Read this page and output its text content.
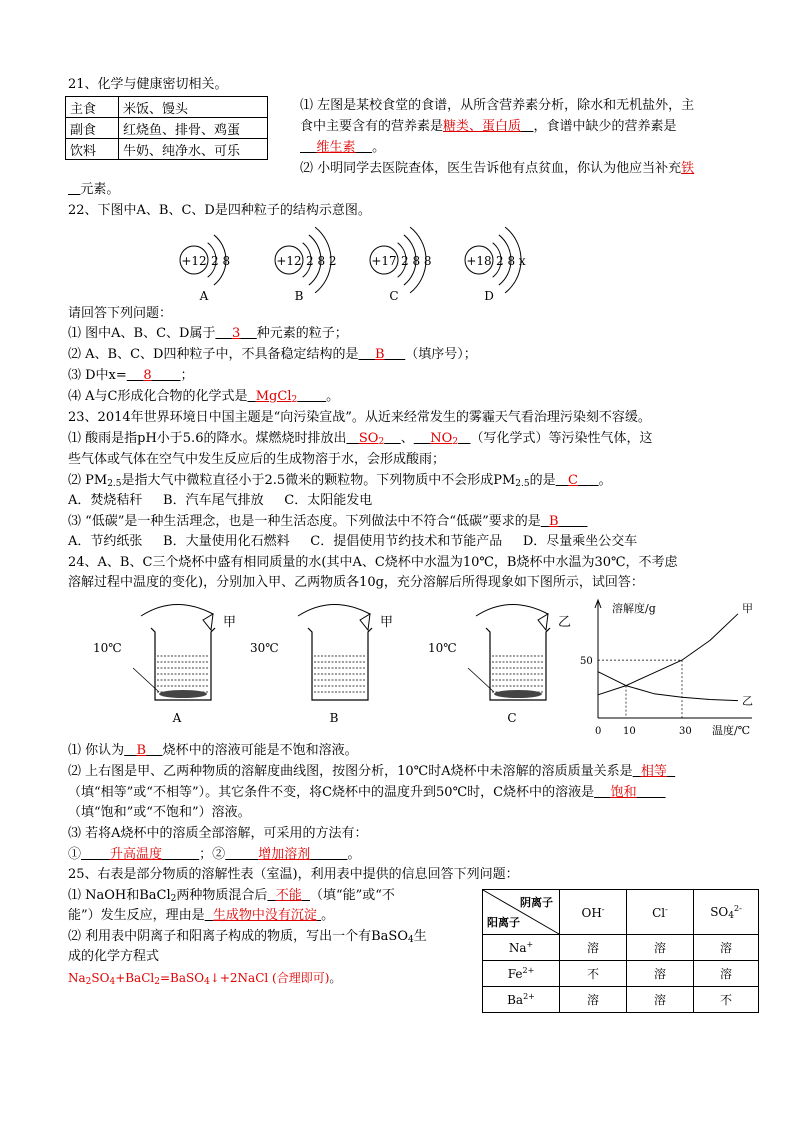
21、化学与健康密切相关。
主食	米饭、馒头
副食	红烧鱼、排骨、鸡蛋
饮料	牛奶、纯净水、可乐
⑴ 左图是某校食堂的食谱，从所含营养素分析，除水和无机盐外，主
食中主要含有的营养素是糖类、蛋白质 ，食谱中缺少的营养素是
维生素 。
⑵ 小明同学去医院查体，医生告诉他有点贫血，你认为他应当补充铁
元素。
22、下图中A、B、C、D是四种粒子的结构示意图。
+12 2 8
A
+12 2 8 2
B
+17 2 8 8
C
+18 2 8 x
D
请回答下列问题：
⑴ 图中A、B、C、D属于 3 种元素的粒子；
⑵ A、B、C、D四种粒子中，不具备稳定结构的是 B （填序号）；
⑶ D中x= 8 ；
⑷ A与C形成化合物的化学式是 MgCl$_2$ 。
23、2014年世界环境日中国主题是“向污染宣战”。从近来经常发生的雾霾天气看治理污染刻不容缓。
⑴ 酸雨是指pH小于5.6的降水。煤燃烧时排放出 $SO_2$ 、 $NO_2$ （写化学式）等污染性气体，这
些气体或气体在空气中发生反应后的生成物溶于水，会形成酸雨；
⑵ $PM_{2.5}$是指大气中微粒直径小于2.5微米的颗粒物。下列物质中不会形成$PM_{2.5}$的是 C 。
A．焚烧秸秆     B．汽车尾气排放     C．太阳能发电
⑶ “低碳”是一种生活理念，也是一种生活态度。下列做法中不符合“低碳”要求的是 B
A．节约纸张     B．大量使用化石燃料     C．提倡使用节约技术和节能产品     D．尽量乘坐公交车
24、A、B、C三个烧杯中盛有相同质量的水(其中A、C烧杯中水温为10℃，B烧杯中水温为30℃，不考虑
溶解过程中温度的变化)，分别加入甲、乙两物质各10g，充分溶解后所得现象如下图所示，试回答：
10℃
甲
A
30℃
甲
B
10℃
乙
C
溶解度/g
温度/℃
0 10	30
50
甲
乙
⑴ 你认为 B 烧杯中的溶液可能是不饱和溶液。
⑵ 上右图是甲、乙两种物质的溶解度曲线图，按图分析，10℃时A烧杯中未溶解的溶质质量关系是 相等
（填“相等”或“不相等”）。其它条件不变，将C烧杯中的温度升到50℃时，C烧杯中的溶液是 饱和
（填“饱和”或“不饱和”）溶液。
⑶ 若将A烧杯中的溶质全部溶解，可采用的方法有：
① 升高温度	；②	增加溶剂	。
25、右表是部分物质的溶解性表（室温)，利用表中提供的信息回答下列问题：
⑴ NaOH和BaCl$_2$两种物质混合后 不能 （填“能”或“不
能”）发生反应，理由是 生成物中没有沉淀 。
⑵ 利用表中阴离子和阳离子构成的物质，写出一个有BaSO$_4$生
成的化学方程式
$Na_2SO_4+BaCl_2=BaSO_4↓+2NaCl$ (合理即可)。
阴离子
阳离子	OH-	Cl-	$SO_4^{2-}$
Na+	溶	溶	溶
$Fe^{2+}$	不	溶	溶
$Ba^{2+}$	溶	溶	不
